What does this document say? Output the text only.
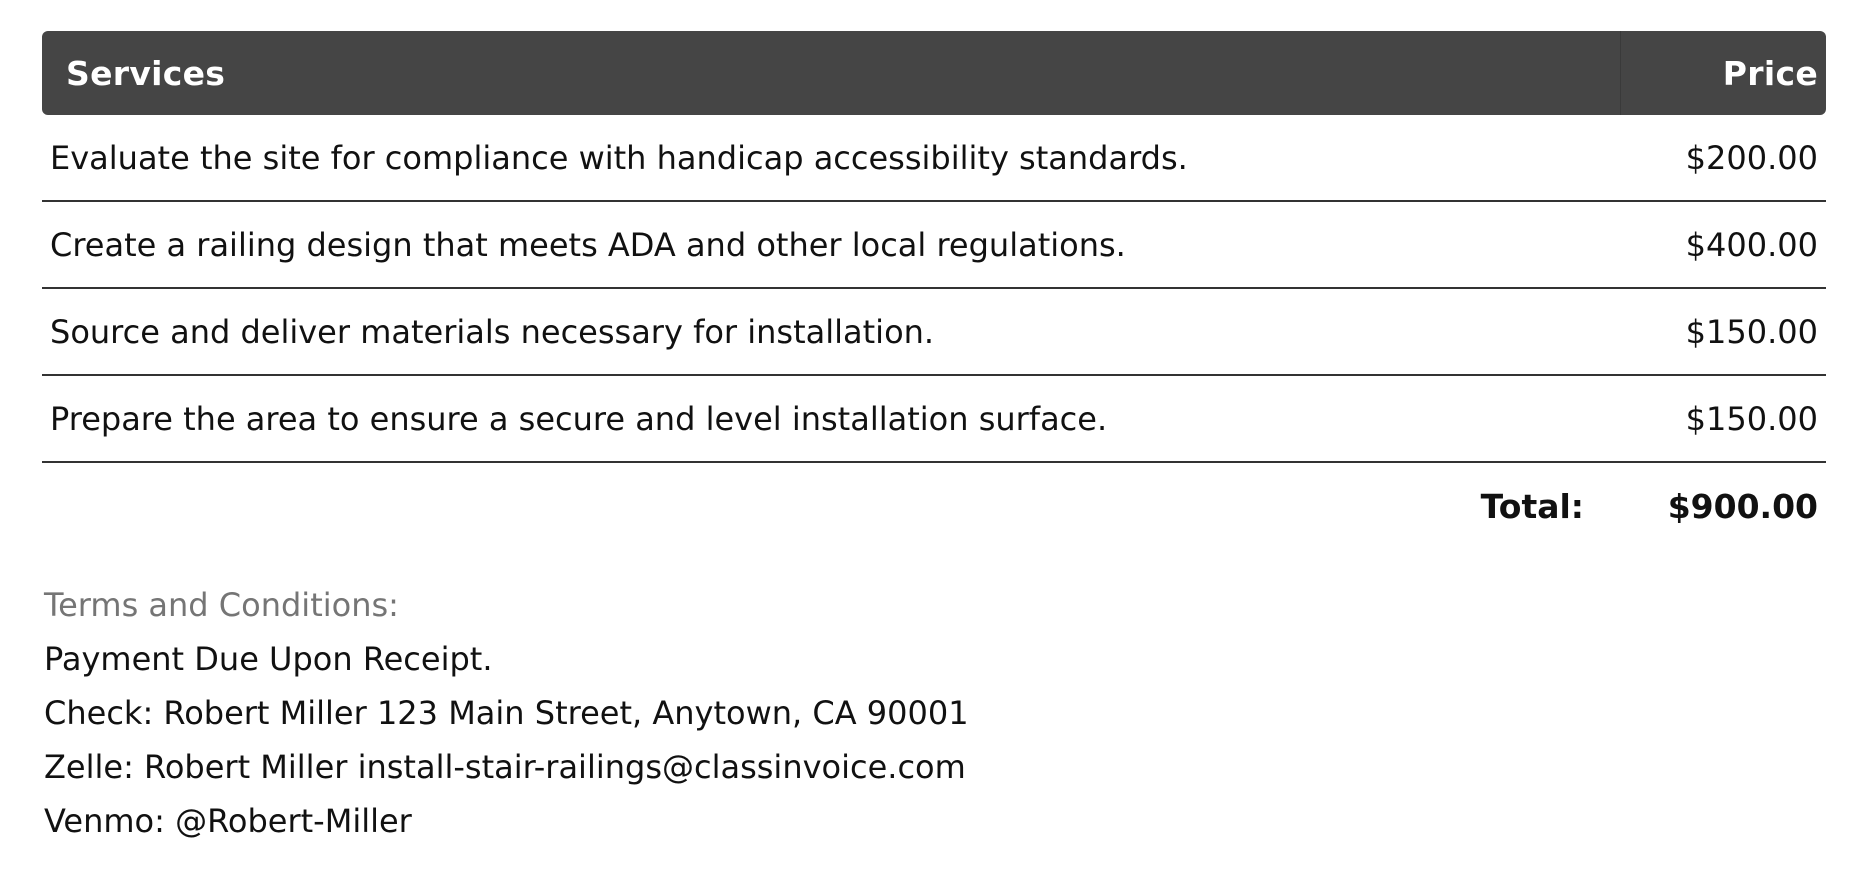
Services	Price
Evaluate the site for compliance with handicap accessibility standards.	$200.00
Create a railing design that meets ADA and other local regulations.	$400.00
Source and deliver materials necessary for installation.	$150.00
Prepare the area to ensure a secure and level installation surface.	$150.00
Total:	$900.00
Terms and Conditions:
Payment Due Upon Receipt.
Check: Robert Miller 123 Main Street, Anytown, CA 90001
Zelle: Robert Miller install-stair-railings@classinvoice.com
Venmo: @Robert-Miller
